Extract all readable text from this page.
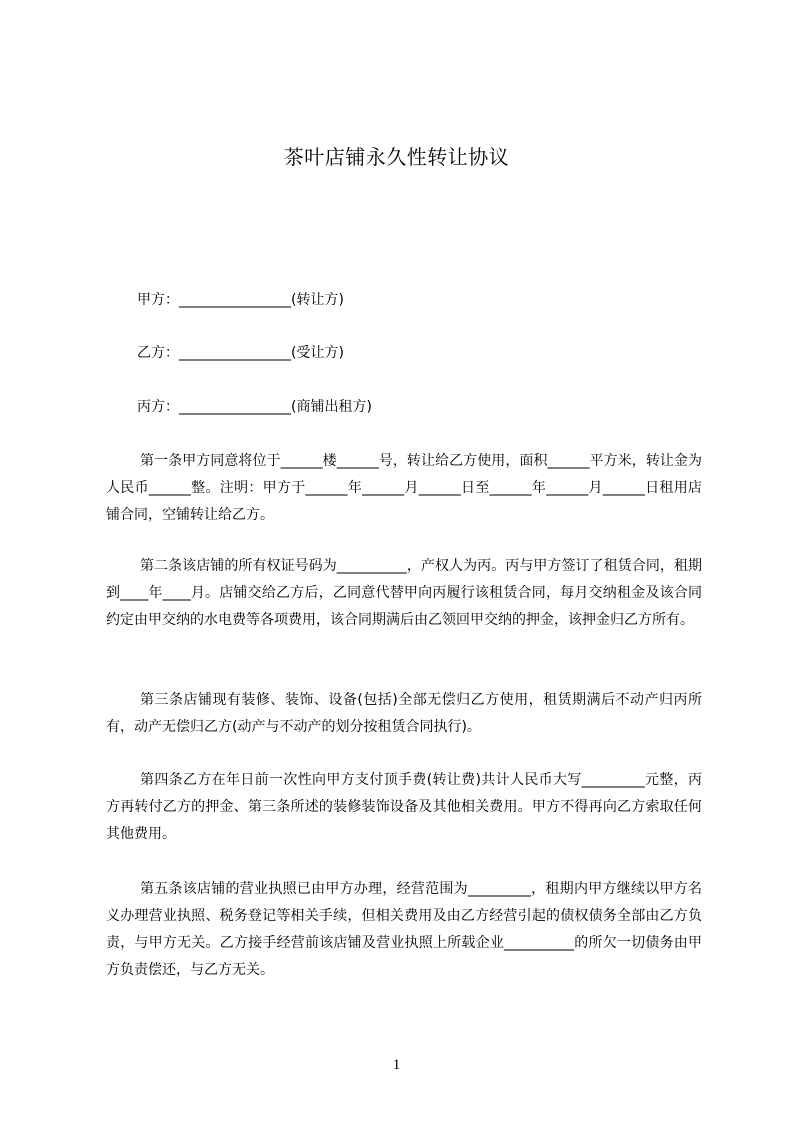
茶叶店铺永久性转让协议
甲方：________________(转让方)
乙方：________________(受让方)
丙方：________________(商铺出租方)
第一条甲方同意将位于______楼______号，转让给乙方使用，面积______平方米，转让金为人民币______整。注明：甲方于______年______月______日至______年______月______日租用店铺合同，空铺转让给乙方。
第二条该店铺的所有权证号码为__________，产权人为丙。丙与甲方签订了租赁合同，租期到____年____月。店铺交给乙方后，乙同意代替甲向丙履行该租赁合同，每月交纳租金及该合同约定由甲交纳的水电费等各项费用，该合同期满后由乙领回甲交纳的押金，该押金归乙方所有。
第三条店铺现有装修、装饰、设备(包括)全部无偿归乙方使用，租赁期满后不动产归丙所有，动产无偿归乙方(动产与不动产的划分按租赁合同执行)。
第四条乙方在年日前一次性向甲方支付顶手费(转让费)共计人民币大写_________元整，丙方再转付乙方的押金、第三条所述的装修装饰设备及其他相关费用。甲方不得再向乙方索取任何其他费用。
第五条该店铺的营业执照已由甲方办理，经营范围为_________，租期内甲方继续以甲方名义办理营业执照、税务登记等相关手续，但相关费用及由乙方经营引起的债权债务全部由乙方负责，与甲方无关。乙方接手经营前该店铺及营业执照上所载企业__________的所欠一切债务由甲方负责偿还，与乙方无关。
1
